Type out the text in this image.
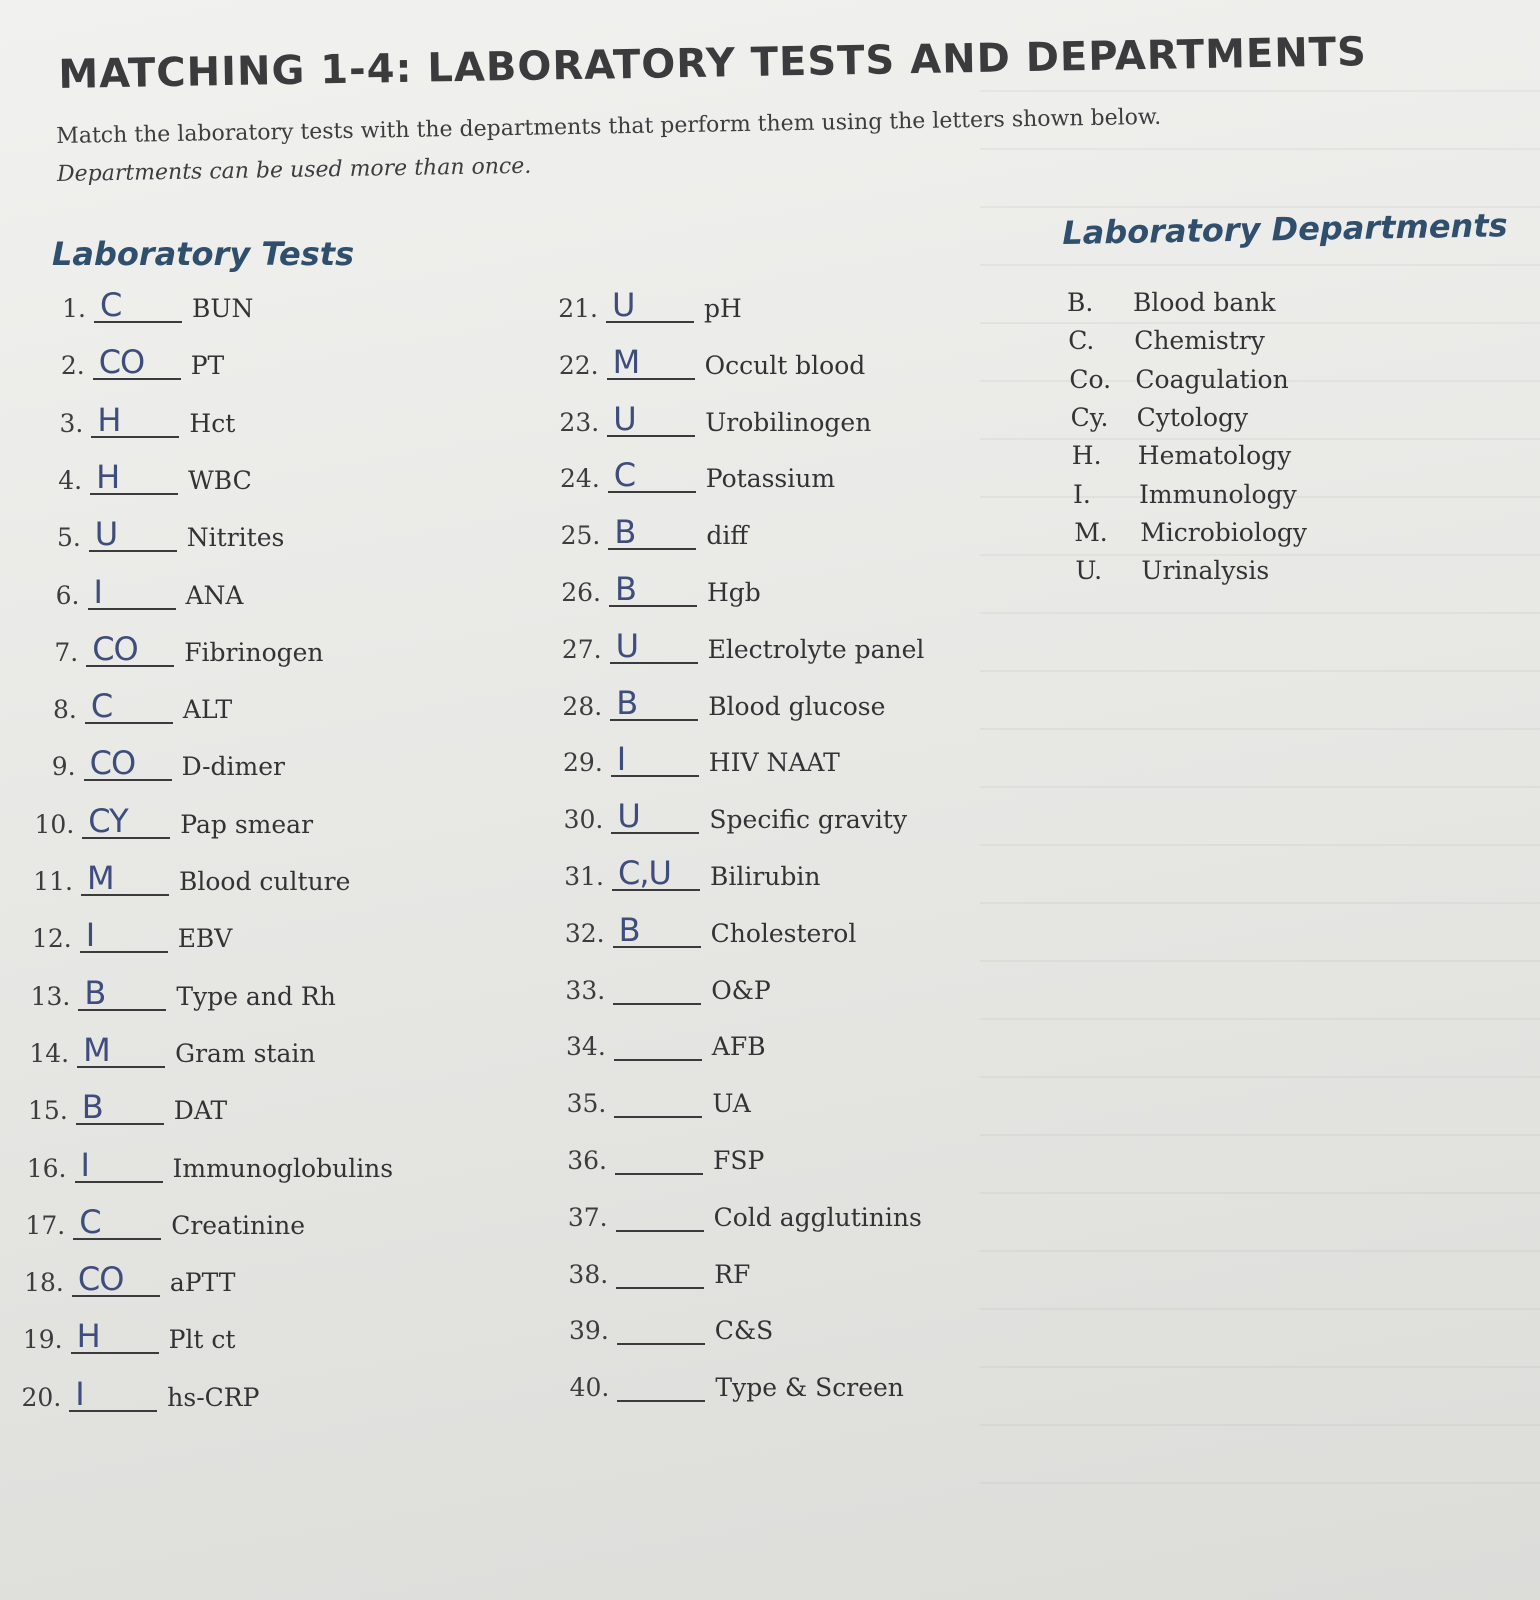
MATCHING 1-4: LABORATORY TESTS AND DEPARTMENTS
Match the laboratory tests with the departments that perform them using the letters shown below.
Departments can be used more than once.
Laboratory Tests
Laboratory Departments
1. C	BUN
2. CO PT
3. H	Hct
4. H	WBC
5. U	Nitrites
6. I	ANA
7. CO Fibrinogen
8. C	ALT
9. CO D-dimer
10. CY Pap smear
11. M	Blood culture
12. I	EBV
13. B	Type and Rh
14. M	Gram stain
15. B	DAT
16. I	Immunoglobulins
17. C	Creatinine
18. CO aPTT
19. H	Plt ct
20. I	hs-CRP
21. U	pH
22. M	Occult blood
23. U	Urobilinogen
24. C	Potassium
25. B	diff
26. B	Hgb
27. U	Electrolyte panel
28. B	Blood glucose
29. I	HIV NAAT
30. U	Specific gravity
31. C,U Bilirubin
32. B	Cholesterol
33.	O&P
34.	AFB
35.	UA
36.	FSP
37.	Cold agglutinins
38.	RF
39.	C&S
40.	Type & Screen
B.	Blood bank
C.	Chemistry
Co. Coagulation
Cy.	Cytology
H.	Hematology
I.	Immunology
M.	Microbiology
U.	Urinalysis
